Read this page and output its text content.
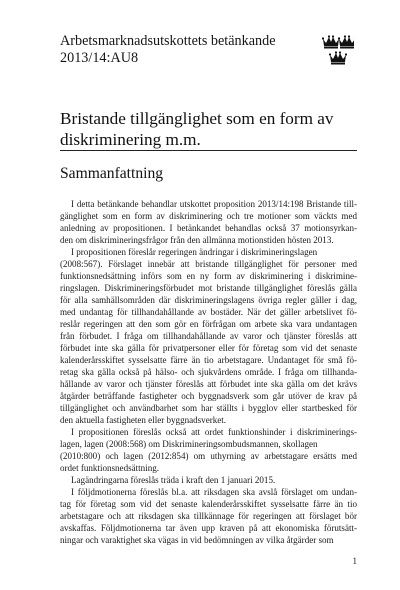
Arbetsmarknadsutskottets betänkande
2013/14:AU8
Bristande tillgänglighet som en form av
diskriminering m.m.
Sammanfattning
I detta betänkande behandlar utskottet proposition 2013/14:198 Bristande till-
gänglighet som en form av diskriminering och tre motioner som väckts med
anledning av propositionen. I betänkandet behandlas också 37 motionsyrkan-
den om diskrimineringsfrågor från den allmänna motionstiden hösten 2013.
I propositionen föreslår regeringen ändringar i diskrimineringslagen
(2008:567). Förslaget innebär att bristande tillgänglighet för personer med
funktionsnedsättning införs som en ny form av diskriminering i diskrimine-
ringslagen. Diskrimineringsförbudet mot bristande tillgänglighet föreslås gälla
för alla samhällsområden där diskrimineringslagens övriga regler gäller i dag,
med undantag för tillhandahållande av bostäder. När det gäller arbetslivet fö-
reslår regeringen att den som gör en förfrågan om arbete ska vara undantagen
från förbudet. I fråga om tillhandahållande av varor och tjänster föreslås att
förbudet inte ska gälla för privatpersoner eller för företag som vid det senaste
kalenderårsskiftet sysselsatte färre än tio arbetstagare. Undantaget för små fö-
retag ska gälla också på hälso- och sjukvårdens område. I fråga om tillhanda-
hållande av varor och tjänster föreslås att förbudet inte ska gälla om det krävs
åtgärder beträffande fastigheter och byggnadsverk som går utöver de krav på
tillgänglighet och användbarhet som har ställts i bygglov eller startbesked för
den aktuella fastigheten eller byggnadsverket.
I propositionen föreslås också att ordet funktionshinder i diskriminerings-
lagen, lagen (2008:568) om Diskrimineringsombudsmannen, skollagen
(2010:800) och lagen (2012:854) om uthyrning av arbetstagare ersätts med
ordet funktionsnedsättning.
Lagändringarna föreslås träda i kraft den 1 januari 2015.
I följdmotionerna föreslås bl.a. att riksdagen ska avslå förslaget om undan-
tag för företag som vid det senaste kalenderårsskiftet sysselsatte färre än tio
arbetstagare och att riksdagen ska tillkännage för regeringen att förslaget bör
avskaffas. Följdmotionerna tar även upp kraven på att ekonomiska förutsätt-
ningar och varaktighet ska vägas in vid bedömningen av vilka åtgärder som
1
